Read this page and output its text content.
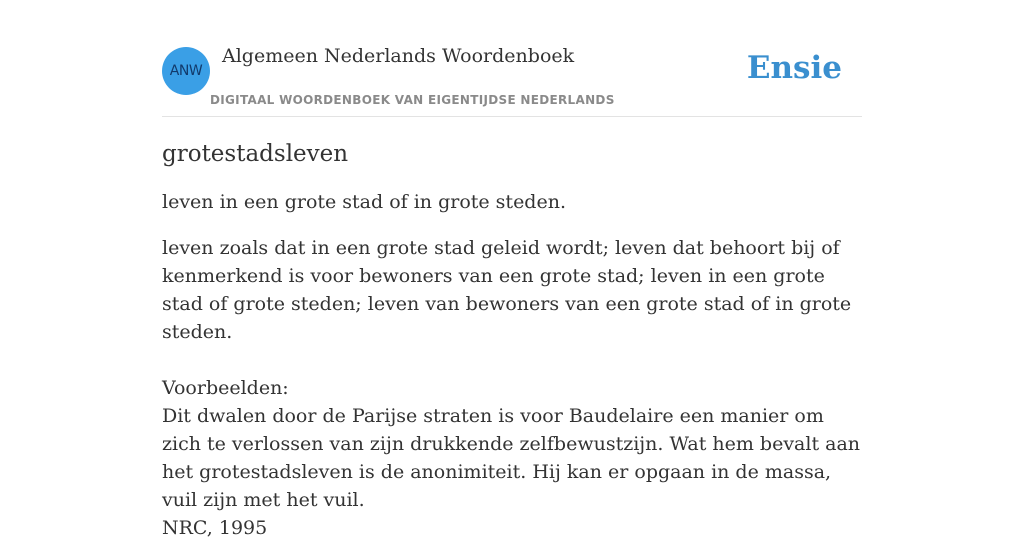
ANW
Algemeen Nederlands Woordenboek
DIGITAAL WOORDENBOEK VAN EIGENTIJDSE NEDERLANDS
Ensie
grotestadsleven

leven in een grote stad of in grote steden.

leven zoals dat in een grote stad geleid wordt; leven dat behoort bij of kenmerkend is voor bewoners van een grote stad; leven in een grote stad of grote steden; leven van bewoners van een grote stad of in grote steden.

Voorbeelden:
Dit dwalen door de Parijse straten is voor Baudelaire een manier om zich te verlossen van zijn drukkende zelfbewustzijn. Wat hem bevalt aan het grotestadsleven is de anonimiteit. Hij kan er opgaan in de massa, vuil zijn met het vuil.
NRC, 1995
